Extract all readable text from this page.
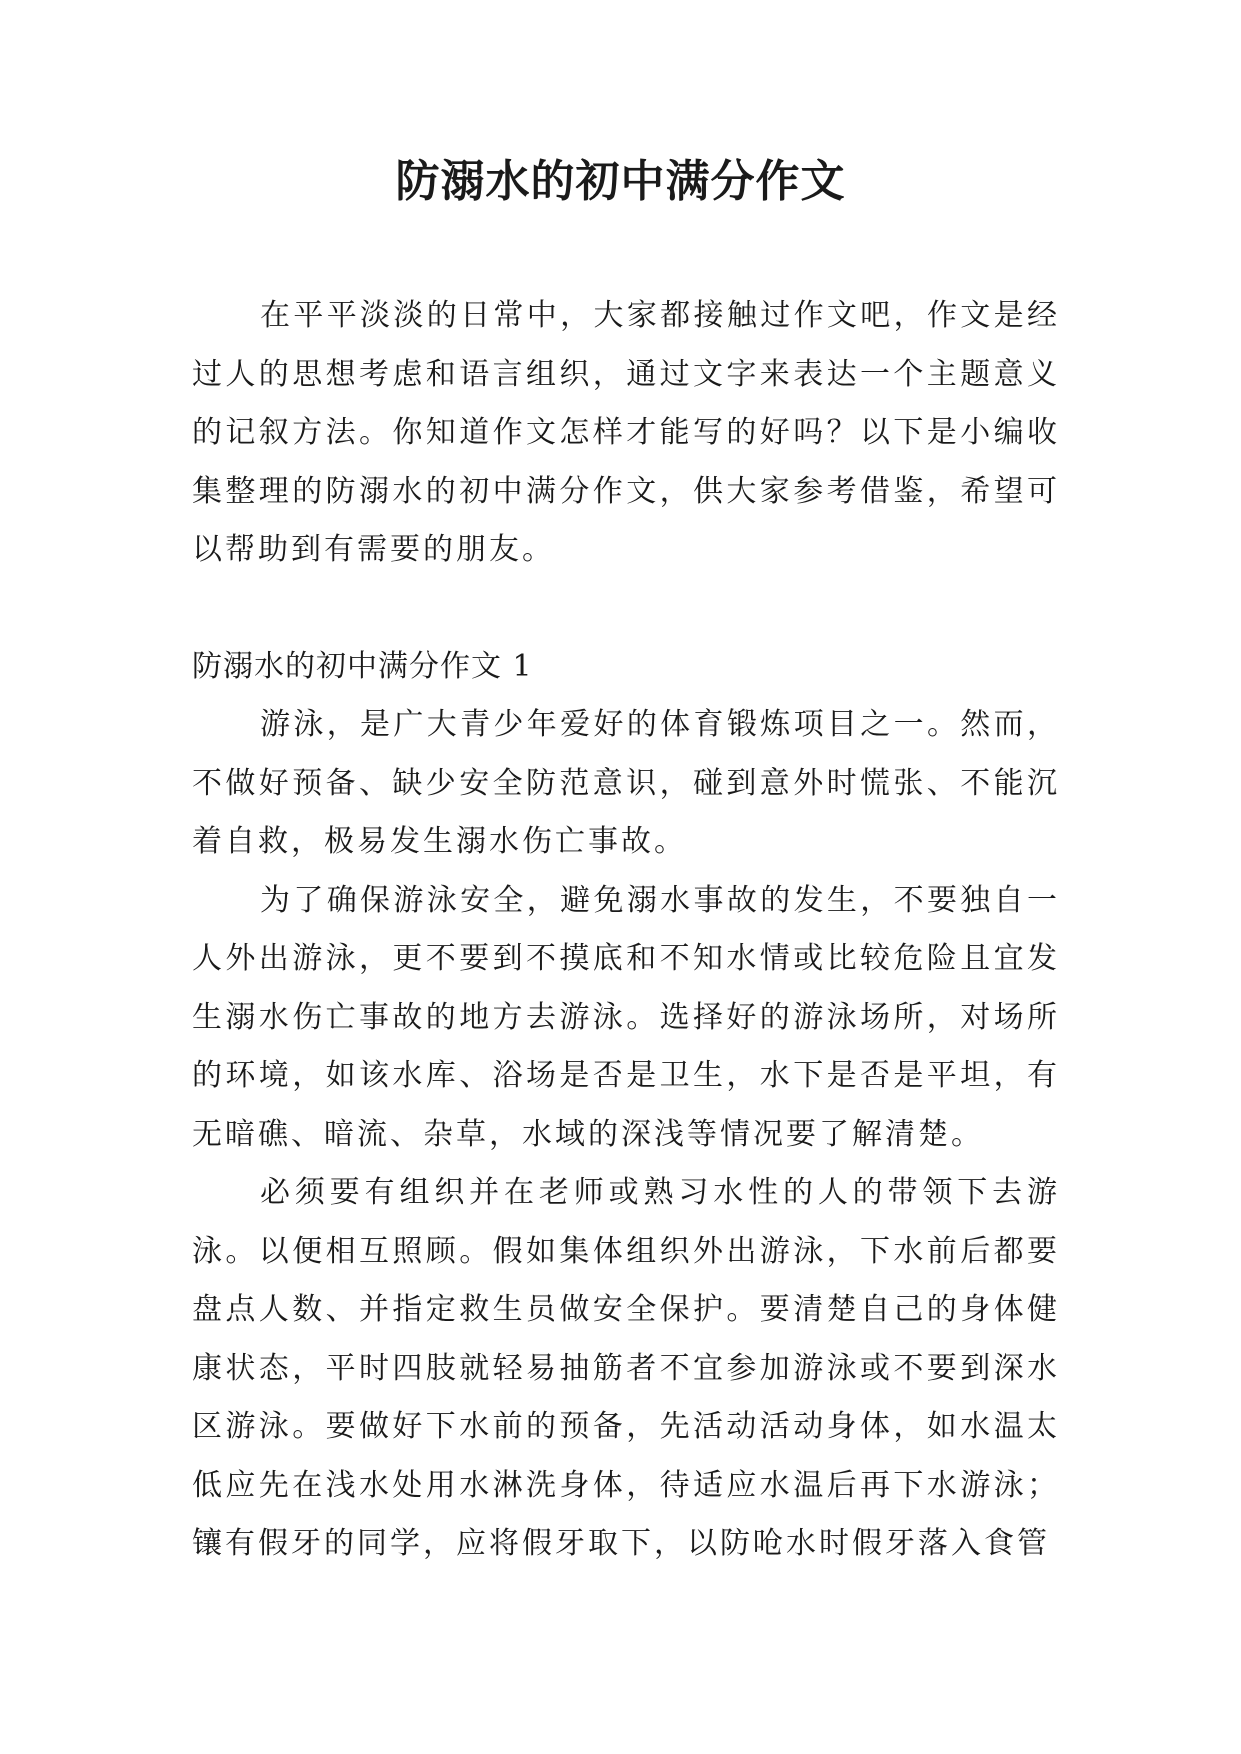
防溺水的初中满分作文

在平平淡淡的日常中，大家都接触过作文吧，作文是经过人的思想考虑和语言组织，通过文字来表达一个主题意义的记叙方法。你知道作文怎样才能写的好吗？以下是小编收集整理的防溺水的初中满分作文，供大家参考借鉴，希望可以帮助到有需要的朋友。

防溺水的初中满分作文 1

游泳，是广大青少年爱好的体育锻炼项目之一。然而，不做好预备、缺少安全防范意识，碰到意外时慌张、不能沉着自救，极易发生溺水伤亡事故。

为了确保游泳安全，避免溺水事故的发生，不要独自一人外出游泳，更不要到不摸底和不知水情或比较危险且宜发生溺水伤亡事故的地方去游泳。选择好的游泳场所，对场所的环境，如该水库、浴场是否是卫生，水下是否是平坦，有无暗礁、暗流、杂草，水域的深浅等情况要了解清楚。

必须要有组织并在老师或熟习水性的人的带领下去游泳。以便相互照顾。假如集体组织外出游泳，下水前后都要盘点人数、并指定救生员做安全保护。要清楚自己的身体健康状态，平时四肢就轻易抽筋者不宜参加游泳或不要到深水区游泳。要做好下水前的预备，先活动活动身体，如水温太低应先在浅水处用水淋洗身体，待适应水温后再下水游泳；镶有假牙的同学，应将假牙取下，以防呛水时假牙落入食管
